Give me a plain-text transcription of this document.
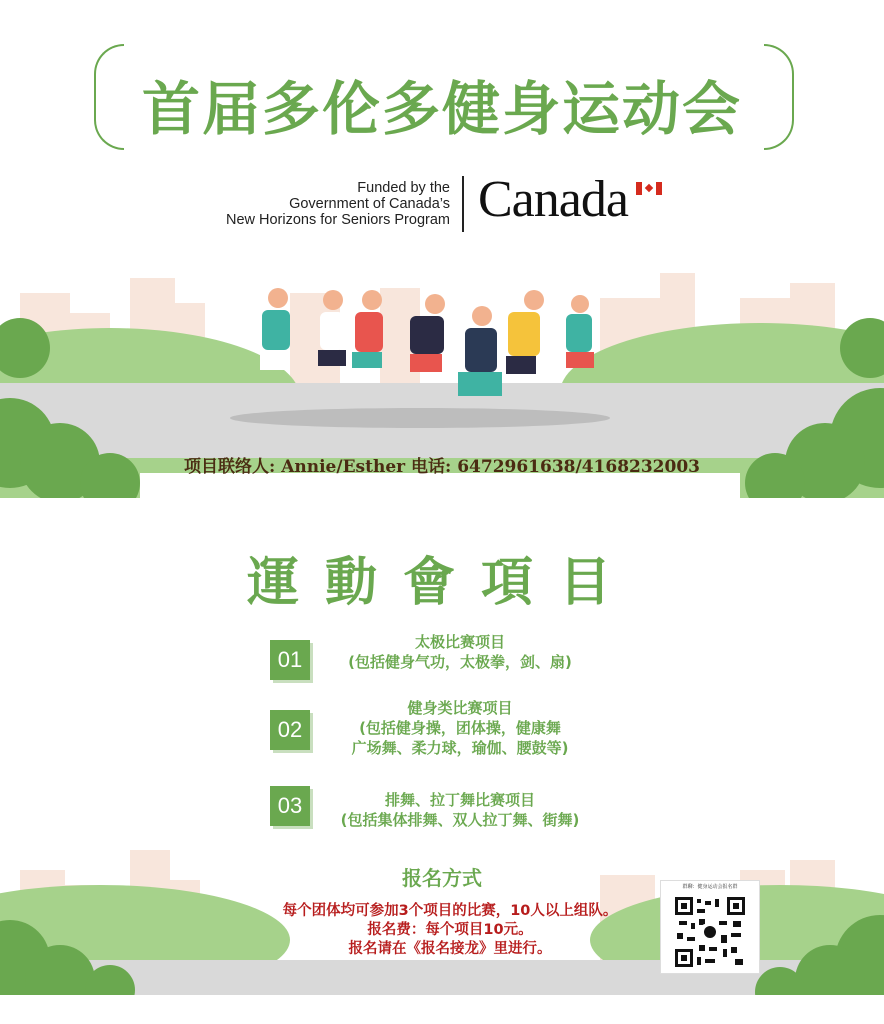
首届多伦多健身运动会
Funded by the
Government of Canada’s
New Horizons for Seniors Program Canada
项目联络人: Annie/Esther 电话: 6472961638/4168232003
運動會項目
01
太极比赛项目
(包括健身气功，太极拳，剑、扇)
02
健身类比赛项目
(包括健身操，团体操，健康舞
广场舞、柔力球，瑜伽、腰鼓等)
03	排舞、拉丁舞比赛项目
(包括集体排舞、双人拉丁舞、街舞)
报名方式
每个团体均可参加3个项目的比赛，10人以上组队。
报名费：每个项目10元。
报名请在《报名接龙》里进行。
群聊：健身运动会报名群
